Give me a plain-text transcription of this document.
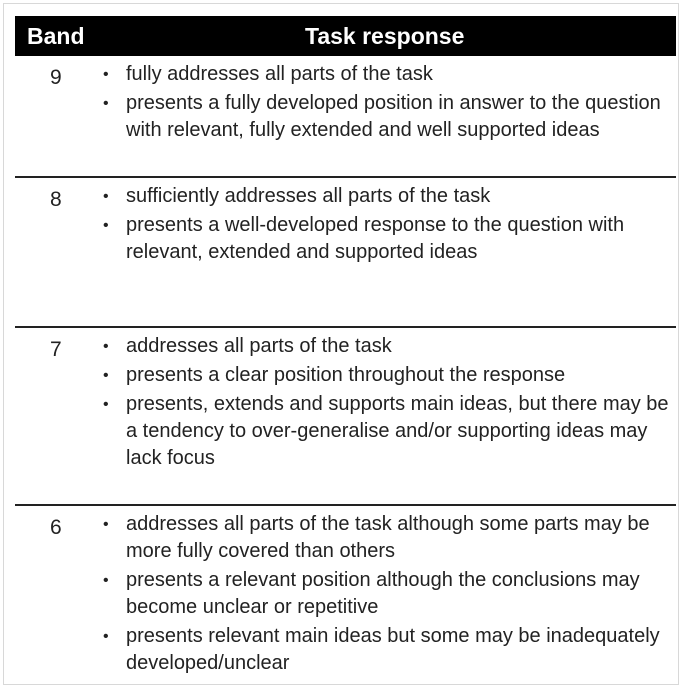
Band	Task response
9	• fully addresses all parts of the task
• presents a fully developed position in answer to the question with relevant, fully extended and well supported ideas
8	• sufficiently addresses all parts of the task
• presents a well-developed response to the question with relevant, extended and supported ideas
7	• addresses all parts of the task
• presents a clear position throughout the response
• presents, extends and supports main ideas, but there may be a tendency to over-generalise and/or supporting ideas may lack focus
6	• addresses all parts of the task although some parts may be more fully covered than others
• presents a relevant position although the conclusions may become unclear or repetitive
• presents relevant main ideas but some may be inadequately developed/unclear
